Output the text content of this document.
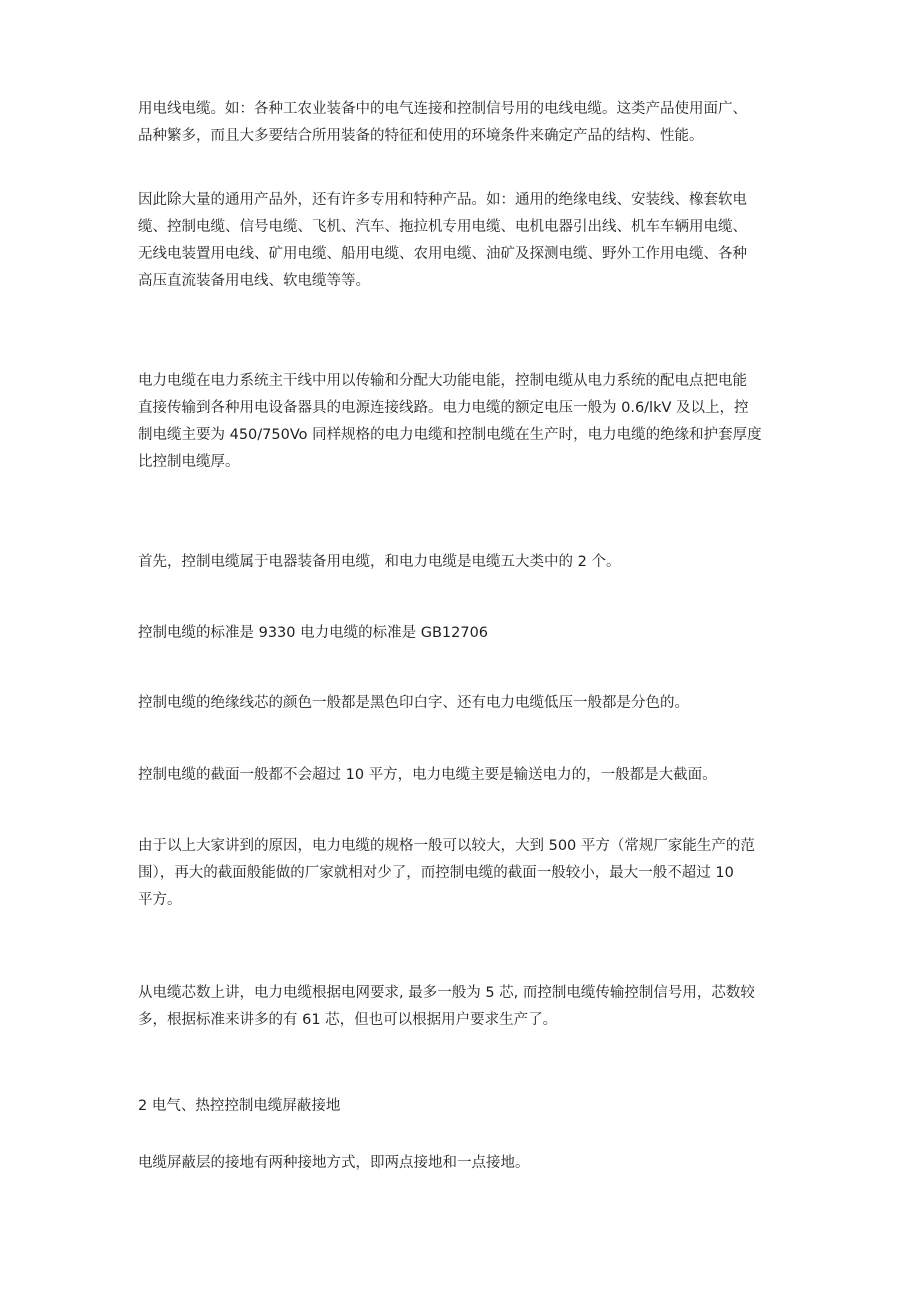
用电线电缆。如：各种工农业装备中的电气连接和控制信号用的电线电缆。这类产品使用面广、
品种繁多，而且大多要结合所用装备的特征和使用的环境条件来确定产品的结构、性能。
因此除大量的通用产品外，还有许多专用和特种产品。如：通用的绝缘电线、安装线、橡套软电
缆、控制电缆、信号电缆、飞机、汽车、拖拉机专用电缆、电机电器引出线、机车车辆用电缆、
无线电装置用电线、矿用电缆、船用电缆、农用电缆、油矿及探测电缆、野外工作用电缆、各种
高压直流装备用电线、软电缆等等。
电力电缆在电力系统主干线中用以传输和分配大功能电能，控制电缆从电力系统的配电点把电能
直接传输到各种用电设备器具的电源连接线路。电力电缆的额定电压一般为 0.6/lkV 及以上，控
制电缆主要为 450/750Vo 同样规格的电力电缆和控制电缆在生产时，电力电缆的绝缘和护套厚度
比控制电缆厚。
首先，控制电缆属于电器装备用电缆，和电力电缆是电缆五大类中的 2 个。
控制电缆的标准是 9330 电力电缆的标准是 GB12706
控制电缆的绝缘线芯的颜色一般都是黑色印白字、还有电力电缆低压一般都是分色的。
控制电缆的截面一般都不会超过 10 平方，电力电缆主要是输送电力的，一般都是大截面。
由于以上大家讲到的原因，电力电缆的规格一般可以较大，大到 500 平方（常规厂家能生产的范
围），再大的截面般能做的厂家就相对少了，而控制电缆的截面一般较小，最大一般不超过 10
平方。
从电缆芯数上讲，电力电缆根据电网要求, 最多一般为 5 芯, 而控制电缆传输控制信号用，芯数较
多，根据标准来讲多的有 61 芯，但也可以根据用户要求生产了。
2 电气、热控控制电缆屏蔽接地
电缆屏蔽层的接地有两种接地方式，即两点接地和一点接地。
